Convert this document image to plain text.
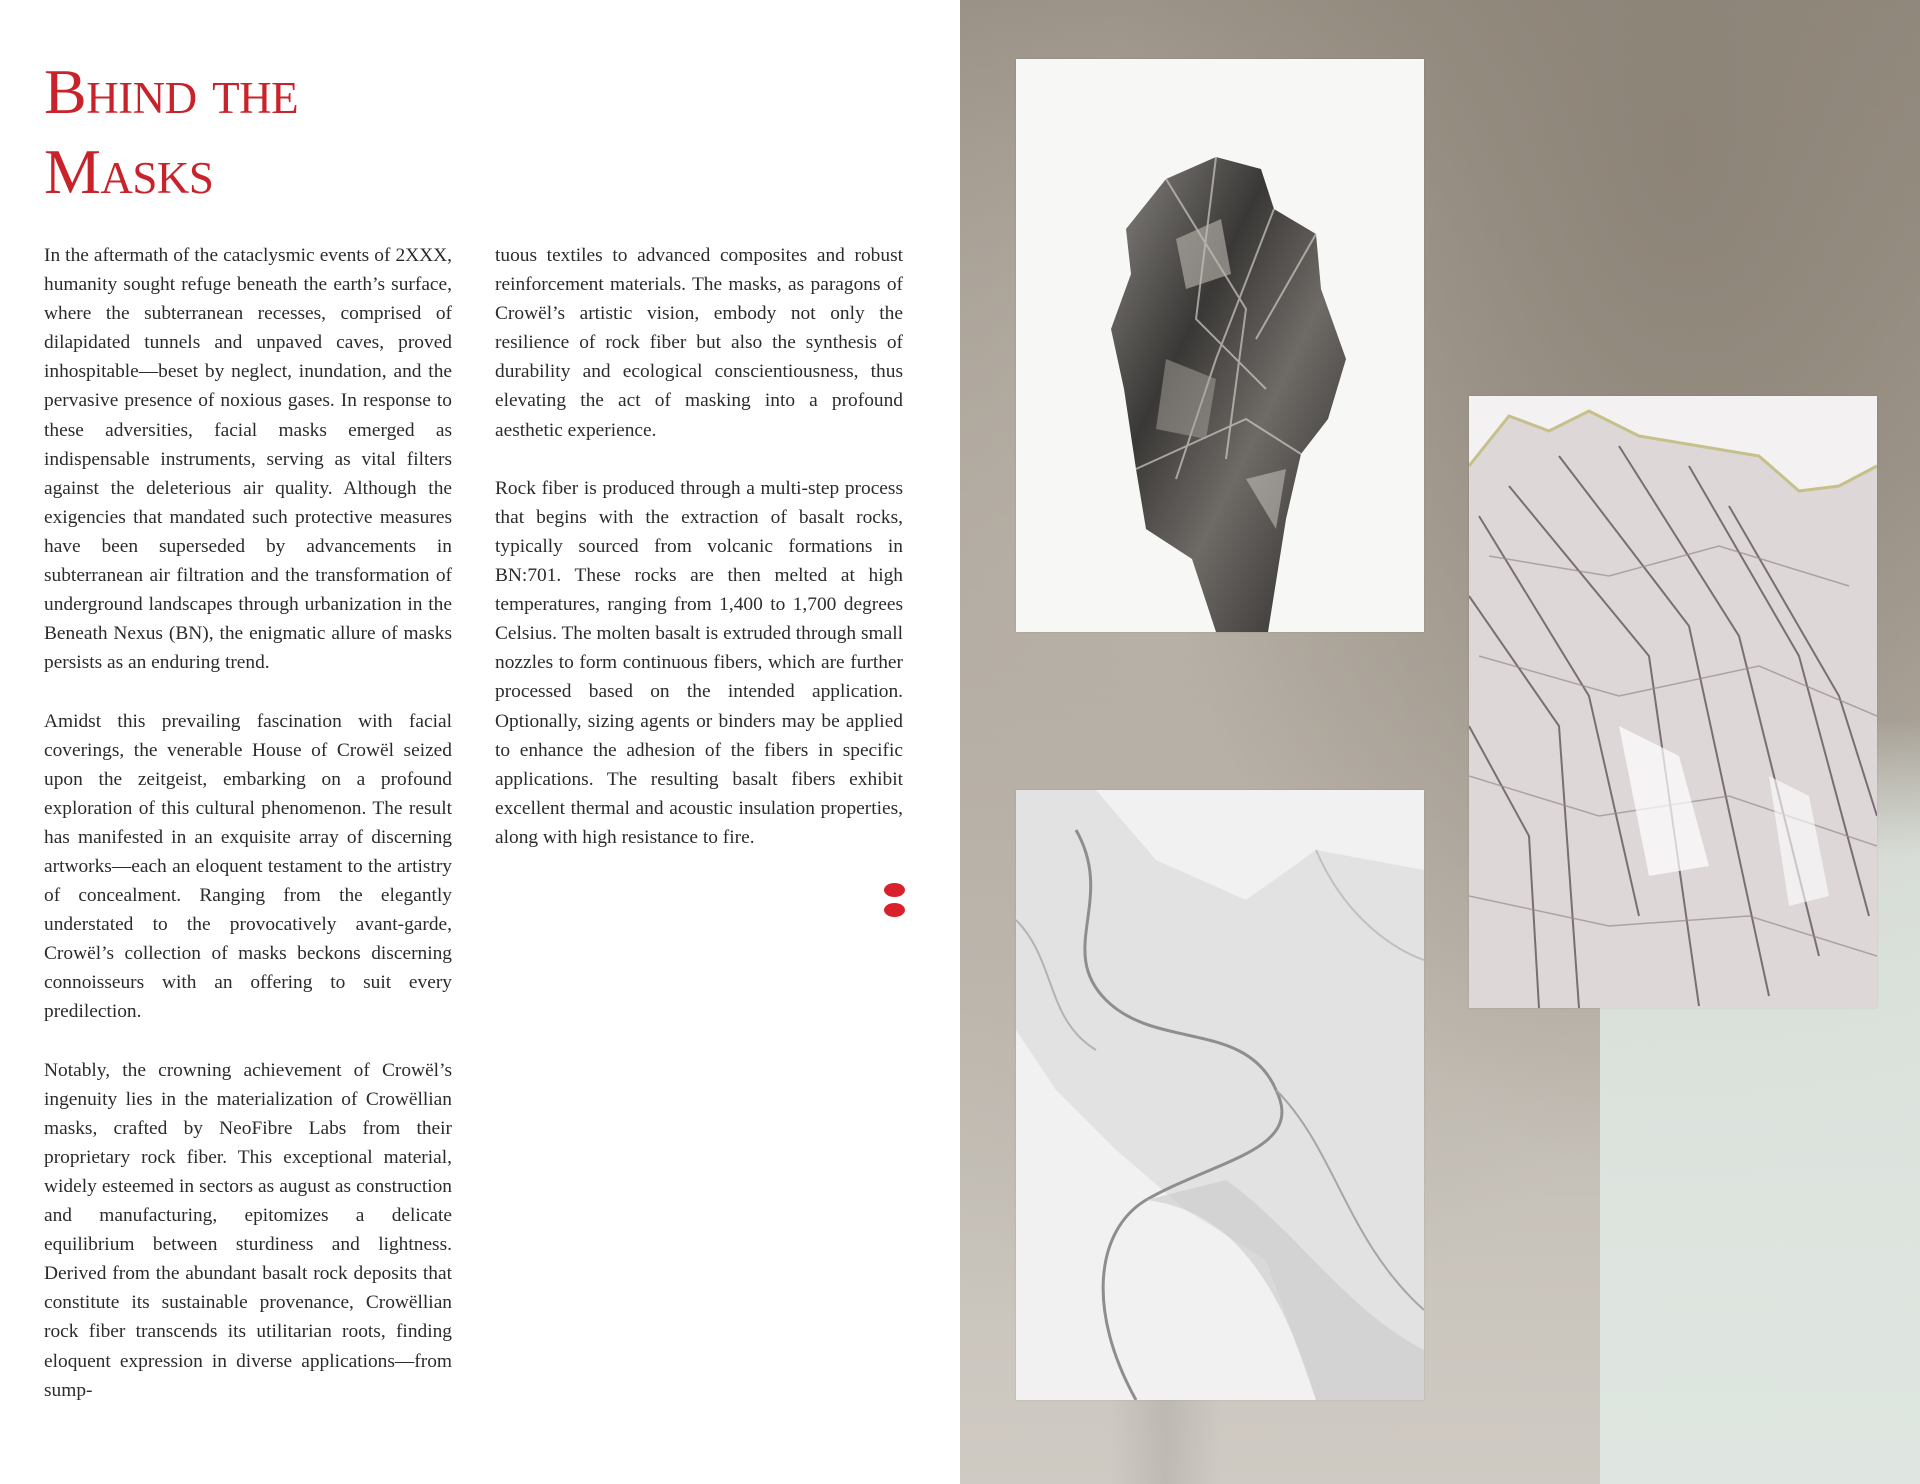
Bhind the
Masks

In the aftermath of the cataclysmic events of 2XXX, humanity sought refuge beneath the earth’s surface, where the subterranean recesses, comprised of dilapidated tunnels and unpaved caves, proved inhospitable—beset by neglect, inundation, and the pervasive presence of noxious gases. In response to these adversities, facial masks emerged as indispensable instruments, serving as vital filters against the deleterious air quality. Although the exigencies that mandated such protective measures have been superseded by advancements in subterranean air filtration and the transformation of underground landscapes through urbanization in the Beneath Nexus (BN), the enigmatic allure of masks persists as an enduring trend.

Amidst this prevailing fascination with facial coverings, the venerable House of Crowël seized upon the zeitgeist, embarking on a profound exploration of this cultural phenomenon. The result has manifested in an exquisite array of discerning artworks—each an eloquent testament to the artistry of concealment. Ranging from the elegantly understated to the provocatively avant-garde, Crowël’s collection of masks beckons discerning connoisseurs with an offering to suit every predilection.

Notably, the crowning achievement of Crowël’s ingenuity lies in the materialization of Crowëllian masks, crafted by NeoFibre Labs from their proprietary rock fiber. This exceptional material, widely esteemed in sectors as august as construction and manufacturing, epitomizes a delicate equilibrium between sturdiness and lightness. Derived from the abundant basalt rock deposits that constitute its sustainable provenance, Crowëllian rock fiber transcends its utilitarian roots, finding eloquent expression in diverse applications—from sump-

tuous textiles to advanced composites and robust reinforcement materials. The masks, as paragons of Crowël’s artistic vision, embody not only the resilience of rock fiber but also the synthesis of durability and ecological conscientiousness, thus elevating the act of masking into a profound aesthetic experience.

Rock fiber is produced through a multi-step process that begins with the extraction of basalt rocks, typically sourced from volcanic formations in BN:701. These rocks are then melted at high temperatures, ranging from 1,400 to 1,700 degrees Celsius. The molten basalt is extruded through small nozzles to form continuous fibers, which are further processed based on the intended application. Optionally, sizing agents or binders may be applied to enhance the adhesion of the fibers in specific applications. The resulting basalt fibers exhibit excellent thermal and acoustic insulation properties, along with high resistance to fire.
